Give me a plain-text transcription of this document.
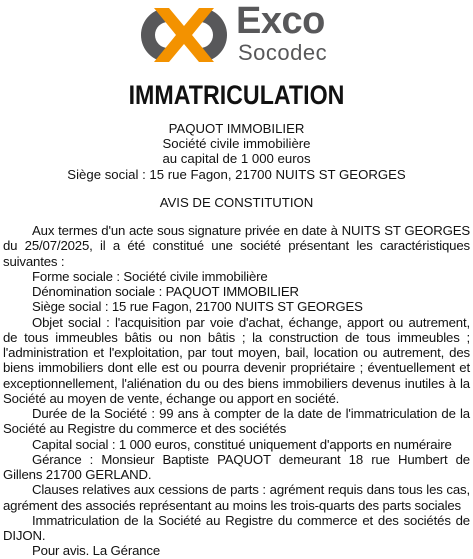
Exco
Socodec
IMMATRICULATION
PAQUOT IMMOBILIER
Société civile immobilière
au capital de 1 000 euros
Siège social : 15 rue Fagon, 21700 NUITS ST GEORGES
AVIS DE CONSTITUTION

Aux termes d'un acte sous signature privée en date à NUITS ST GEORGES du 25/07/2025, il a été constitué une société présentant les caractéristiques suivantes :

Forme sociale : Société civile immobilière

Dénomination sociale : PAQUOT IMMOBILIER

Siège social : 15 rue Fagon, 21700 NUITS ST GEORGES

Objet social : l'acquisition par voie d'achat, échange, apport ou autrement, de tous immeubles bâtis ou non bâtis ; la construction de tous immeubles ; l'administration et l'exploitation, par tout moyen, bail, location ou autrement, des biens immobiliers dont elle est ou pourra devenir propriétaire ; éventuellement et exceptionnellement, l'aliénation du ou des biens immobiliers devenus inutiles à la Société au moyen de vente, échange ou apport en société.

Durée de la Société : 99 ans à compter de la date de l'immatriculation de la Société au Registre du commerce et des sociétés

Capital social : 1 000 euros, constitué uniquement d'apports en numéraire

Gérance : Monsieur Baptiste PAQUOT demeurant 18 rue Humbert de Gillens 21700 GERLAND.

Clauses relatives aux cessions de parts : agrément requis dans tous les cas, agrément des associés représentant au moins les trois-quarts des parts sociales

Immatriculation de la Société au Registre du commerce et des sociétés de DIJON.

Pour avis. La Gérance
